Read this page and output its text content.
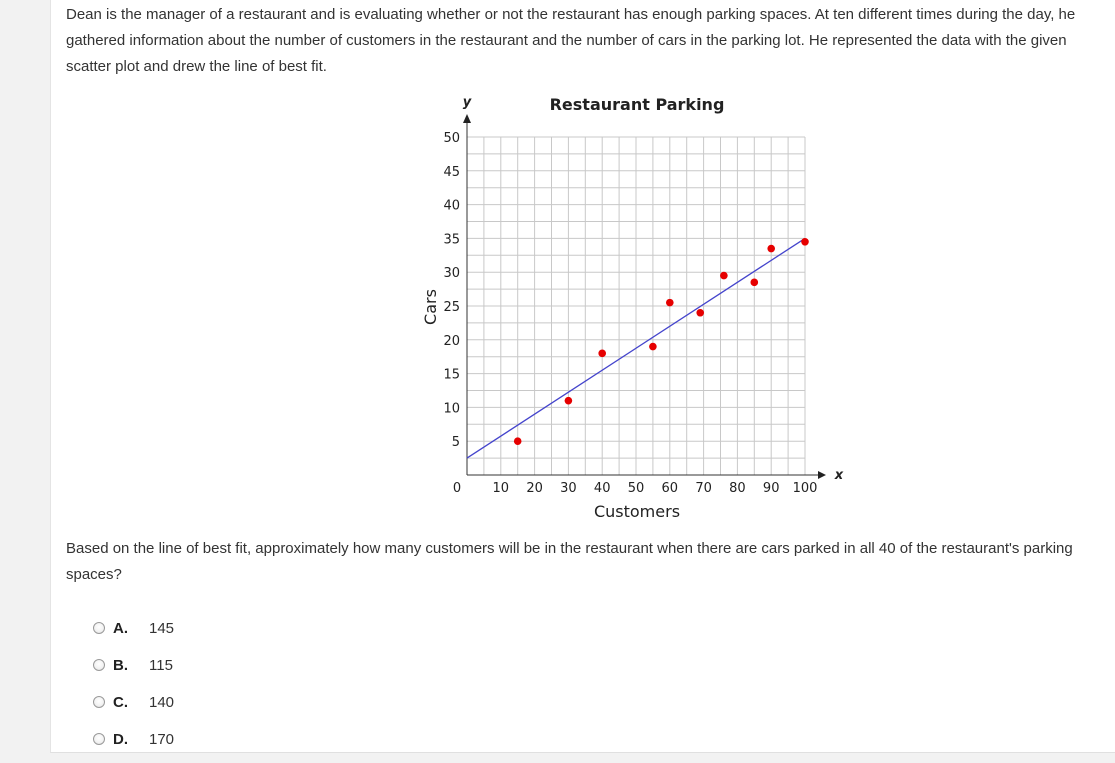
Dean is the manager of a restaurant and is evaluating whether or not the restaurant has enough parking spaces. At ten different times during the day, he gathered information about the number of customers in the restaurant and the number of cars in the parking lot. He represented the data with the given scatter plot and drew the line of best fit.

Restaurant Parking
y
x
0
Customers
Cars
10 20 30 40 50 60 70 80 90 100
5
10
15
20
25
30
35
40
45
50

Based on the line of best fit, approximately how many customers will be in the restaurant when there are cars parked in all 40 of the restaurant's parking spaces?

A.	145
B.	115
C.	140
D.	170
